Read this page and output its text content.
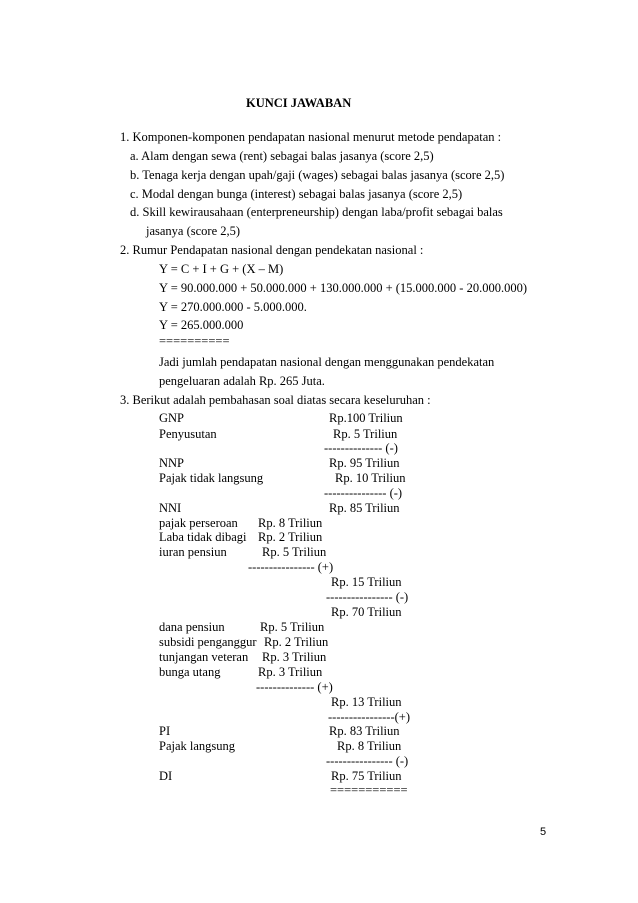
KUNCI JAWABAN
1. Komponen-komponen pendapatan nasional menurut metode pendapatan :
a. Alam dengan sewa (rent) sebagai balas jasanya (score 2,5)
b. Tenaga kerja dengan upah/gaji (wages) sebagai balas jasanya (score 2,5)
c. Modal dengan bunga (interest) sebagai balas jasanya (score 2,5)
d. Skill kewirausahaan (enterpreneurship) dengan laba/profit sebagai balas
jasanya (score 2,5)
2. Rumur Pendapatan nasional dengan pendekatan nasional :
Y = C + I + G + (X – M)
Y = 90.000.000 + 50.000.000 + 130.000.000 + (15.000.000 - 20.000.000)
Y = 270.000.000 - 5.000.000.
Y = 265.000.000
==========
Jadi jumlah pendapatan nasional dengan menggunakan pendekatan
pengeluaran adalah Rp. 265 Juta.
3. Berikut adalah pembahasan soal diatas secara keseluruhan :
GNP	Rp.100 Triliun
Penyusutan	Rp. 5 Triliun
-------------- (-)
NNP	Rp. 95 Triliun
Pajak tidak langsung	Rp. 10 Triliun
--------------- (-)
NNI	Rp. 85 Triliun
pajak perseroan Rp. 8 Triliun
Laba tidak dibagi Rp. 2 Triliun
iuran pensiun	Rp. 5 Triliun
---------------- (+)
Rp. 15 Triliun
---------------- (-)
Rp. 70 Triliun
dana pensiun	Rp. 5 Triliun
subsidi penganggur Rp. 2 Triliun
tunjangan veteran Rp. 3 Triliun
bunga utang	Rp. 3 Triliun
-------------- (+)
Rp. 13 Triliun
----------------(+)
PI	Rp. 83 Triliun
Pajak langsung	Rp. 8 Triliun
---------------- (-)
DI	Rp. 75 Triliun
===========
5
